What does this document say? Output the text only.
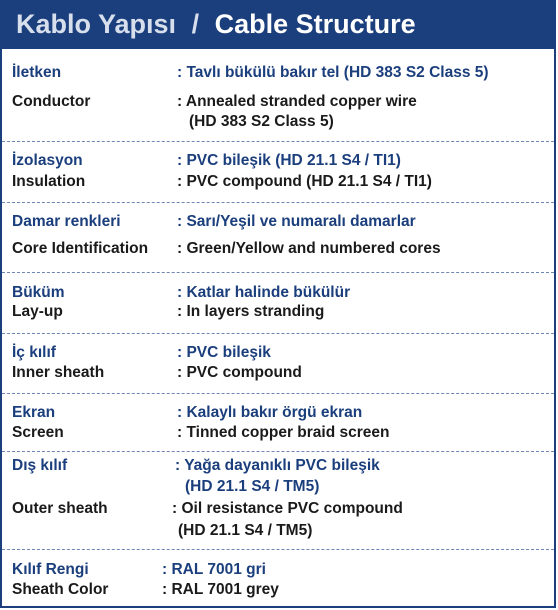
Kablo Yapısı / Cable Structure
İletken	: Tavlı bükülü bakır tel (HD 383 S2 Class 5)
Conductor	: Annealed stranded copper wire
(HD 383 S2 Class 5)
İzolasyon	: PVC bileşik (HD 21.1 S4 / TI1)
Insulation	: PVC compound (HD 21.1 S4 / TI1)
Damar renkleri	: Sarı/Yeşil ve numaralı damarlar
Core Identification : Green/Yellow and numbered cores
Büküm	: Katlar halinde bükülür
Lay-up	: In layers stranding
İç kılıf	: PVC bileşik
Inner sheath	: PVC compound
Ekran	: Kalaylı bakır örgü ekran
Screen	: Tinned copper braid screen
Dış kılıf	: Yağa dayanıklı PVC bileşik
(HD 21.1 S4 / TM5)
Outer sheath	: Oil resistance PVC compound
(HD 21.1 S4 / TM5)
Kılıf Rengi	: RAL 7001 gri
Sheath Color	: RAL 7001 grey
